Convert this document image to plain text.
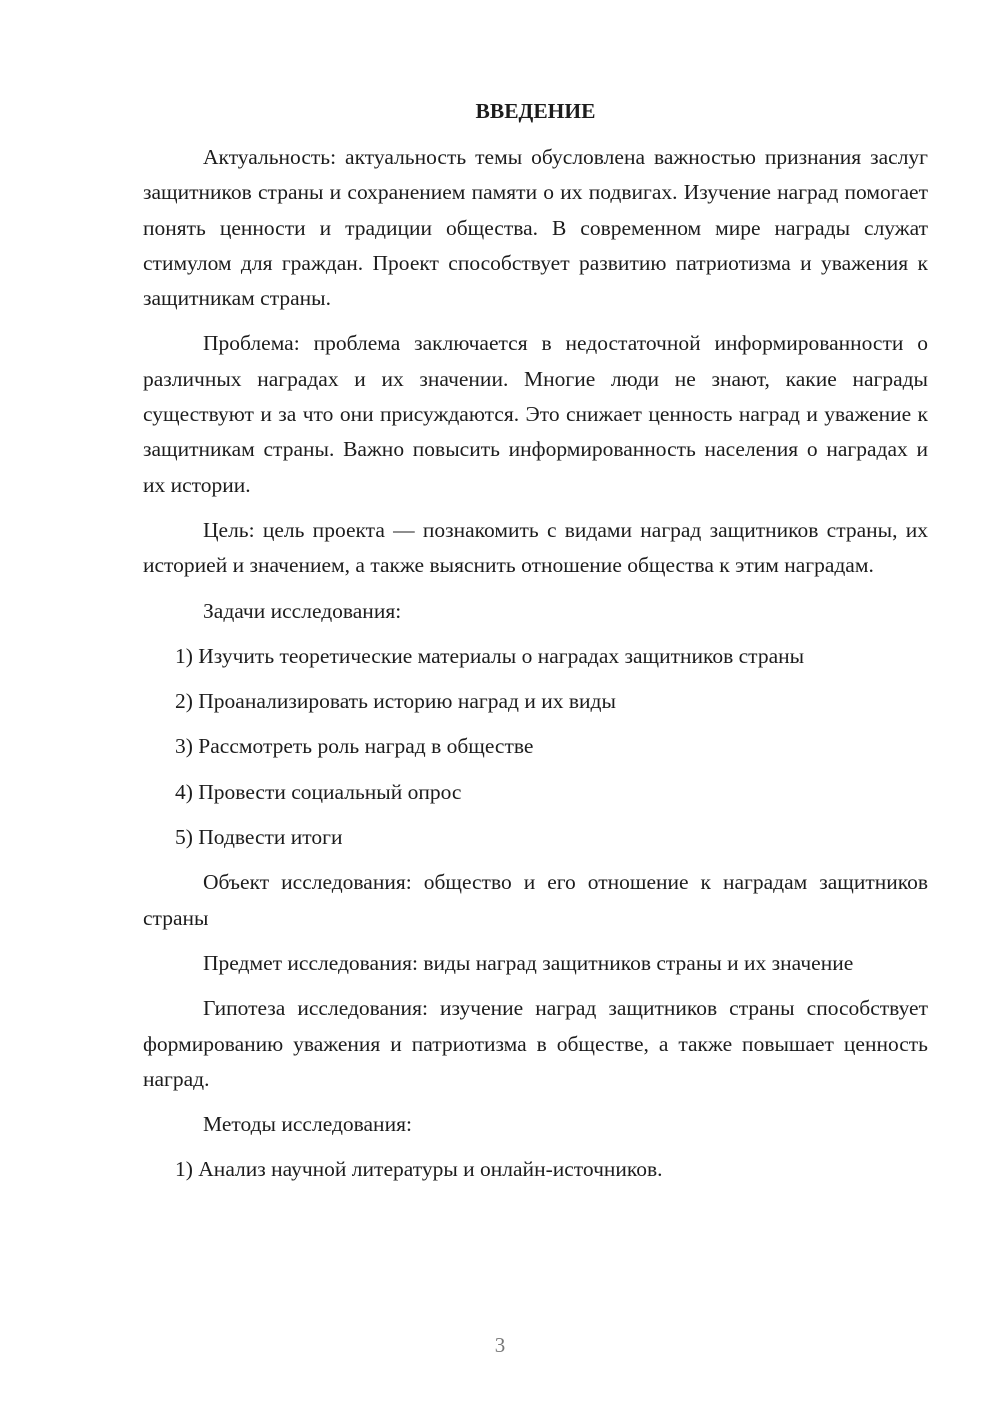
ВВЕДЕНИЕ

Актуальность: актуальность темы обусловлена важностью признания заслуг защитников страны и сохранением памяти о их подвигах. Изучение наград помогает понять ценности и традиции общества. В современном мире награды служат стимулом для граждан. Проект способствует развитию патриотизма и уважения к защитникам страны.

Проблема: проблема заключается в недостаточной информированности о различных наградах и их значении. Многие люди не знают, какие награды существуют и за что они присуждаются. Это снижает ценность наград и уважение к защитникам страны. Важно повысить информированность населения о наградах и их истории.

Цель: цель проекта — познакомить с видами наград защитников страны, их историей и значением, а также выяснить отношение общества к этим наградам.

Задачи исследования:

1) Изучить теоретические материалы о наградах защитников страны

2) Проанализировать историю наград и их виды

3) Рассмотреть роль наград в обществе

4) Провести социальный опрос

5) Подвести итоги

Объект исследования: общество и его отношение к наградам защитников страны

Предмет исследования: виды наград защитников страны и их значение

Гипотеза исследования: изучение наград защитников страны способствует формированию уважения и патриотизма в обществе, а также повышает ценность наград.

Методы исследования:

1) Анализ научной литературы и онлайн-источников.

3
